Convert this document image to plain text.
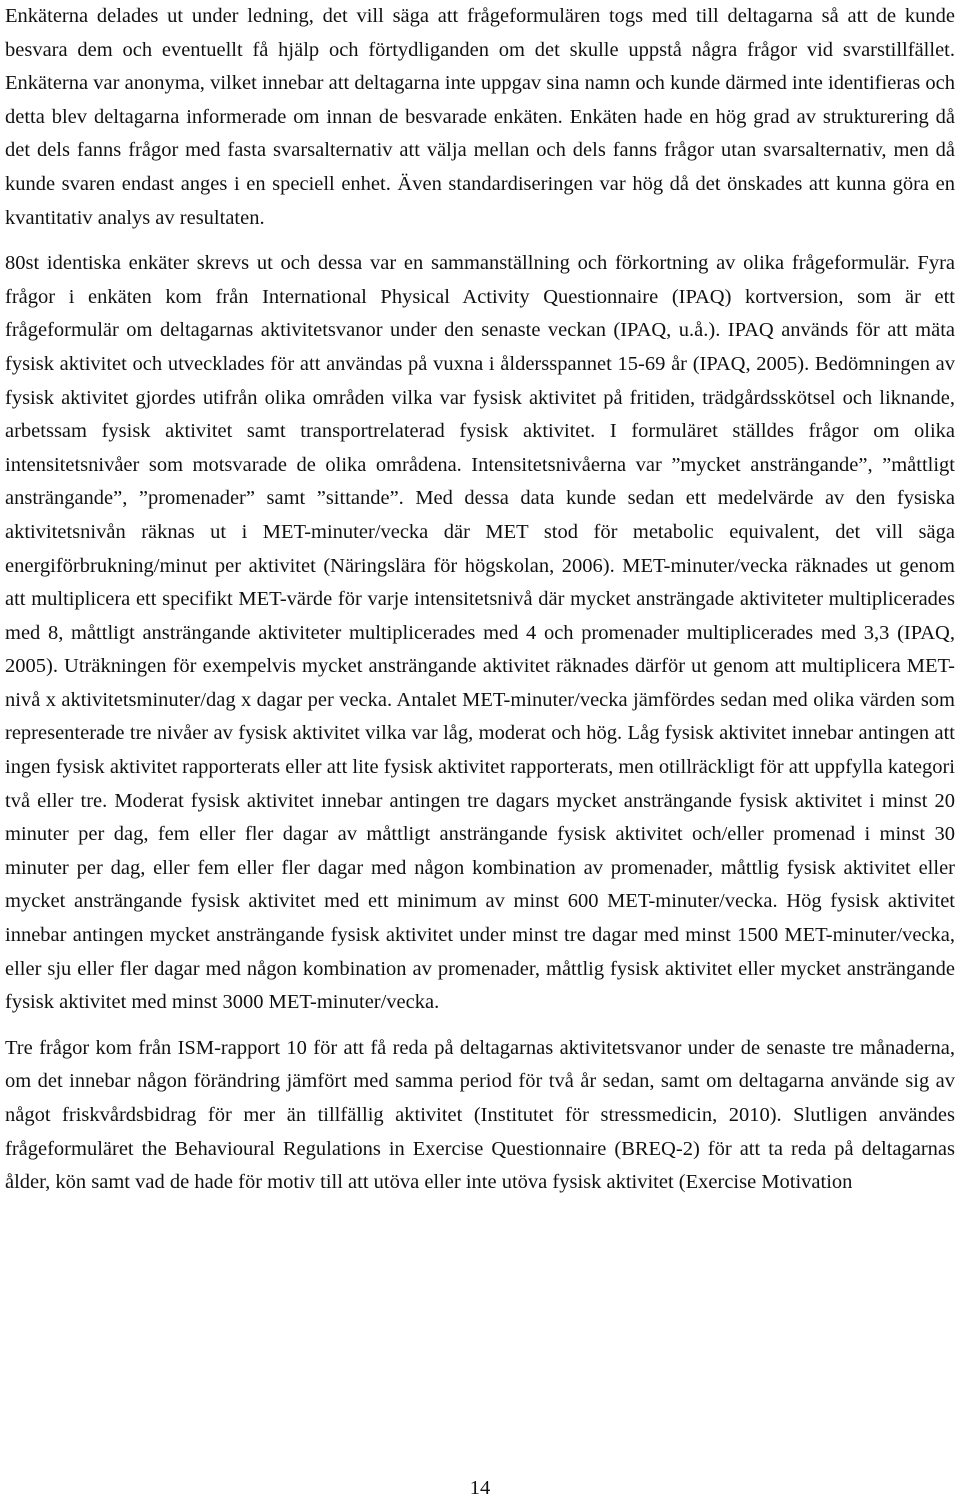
Enkäterna delades ut under ledning, det vill säga att frågeformulären togs med till deltagarna så att de kunde besvara dem och eventuellt få hjälp och förtydliganden om det skulle uppstå några frågor vid svarstillfället. Enkäterna var anonyma, vilket innebar att deltagarna inte uppgav sina namn och kunde därmed inte identifieras och detta blev deltagarna informerade om innan de besvarade enkäten. Enkäten hade en hög grad av strukturering då det dels fanns frågor med fasta svarsalternativ att välja mellan och dels fanns frågor utan svarsalternativ, men då kunde svaren endast anges i en speciell enhet. Även standardiseringen var hög då det önskades att kunna göra en kvantitativ analys av resultaten.

80st identiska enkäter skrevs ut och dessa var en sammanställning och förkortning av olika frågeformulär. Fyra frågor i enkäten kom från International Physical Activity Questionnaire (IPAQ) kortversion, som är ett frågeformulär om deltagarnas aktivitetsvanor under den senaste veckan (IPAQ, u.å.). IPAQ används för att mäta fysisk aktivitet och utvecklades för att användas på vuxna i åldersspannet 15-69 år (IPAQ, 2005). Bedömningen av fysisk aktivitet gjordes utifrån olika områden vilka var fysisk aktivitet på fritiden, trädgårdsskötsel och liknande, arbetssam fysisk aktivitet samt transportrelaterad fysisk aktivitet. I formuläret ställdes frågor om olika intensitetsnivåer som motsvarade de olika områdena. Intensitetsnivåerna var ”mycket ansträngande”, ”måttligt ansträngande”, ”promenader” samt ”sittande”. Med dessa data kunde sedan ett medelvärde av den fysiska aktivitetsnivån räknas ut i MET-minuter/vecka där MET stod för metabolic equivalent, det vill säga energiförbrukning/minut per aktivitet (Näringslära för högskolan, 2006). MET-minuter/vecka räknades ut genom att multiplicera ett specifikt MET-värde för varje intensitetsnivå där mycket ansträngade aktiviteter multiplicerades med 8, måttligt ansträngande aktiviteter multiplicerades med 4 och promenader multiplicerades med 3,3 (IPAQ, 2005). Uträkningen för exempelvis mycket ansträngande aktivitet räknades därför ut genom att multiplicera MET-nivå x aktivitetsminuter/dag x dagar per vecka. Antalet MET-minuter/vecka jämfördes sedan med olika värden som representerade tre nivåer av fysisk aktivitet vilka var låg, moderat och hög. Låg fysisk aktivitet innebar antingen att ingen fysisk aktivitet rapporterats eller att lite fysisk aktivitet rapporterats, men otillräckligt för att uppfylla kategori två eller tre. Moderat fysisk aktivitet innebar antingen tre dagars mycket ansträngande fysisk aktivitet i minst 20 minuter per dag, fem eller fler dagar av måttligt ansträngande fysisk aktivitet och/eller promenad i minst 30 minuter per dag, eller fem eller fler dagar med någon kombination av promenader, måttlig fysisk aktivitet eller mycket ansträngande fysisk aktivitet med ett minimum av minst 600 MET-minuter/vecka. Hög fysisk aktivitet innebar antingen mycket ansträngande fysisk aktivitet under minst tre dagar med minst 1500 MET-minuter/vecka, eller sju eller fler dagar med någon kombination av promenader, måttlig fysisk aktivitet eller mycket ansträngande fysisk aktivitet med minst 3000 MET-minuter/vecka.

Tre frågor kom från ISM-rapport 10 för att få reda på deltagarnas aktivitetsvanor under de senaste tre månaderna, om det innebar någon förändring jämfört med samma period för två år sedan, samt om deltagarna använde sig av något friskvårdsbidrag för mer än tillfällig aktivitet (Institutet för stressmedicin, 2010). Slutligen användes frågeformuläret the Behavioural Regulations in Exercise Questionnaire (BREQ-2) för att ta reda på deltagarnas ålder, kön samt vad de hade för motiv till att utöva eller inte utöva fysisk aktivitet (Exercise Motivation

14
